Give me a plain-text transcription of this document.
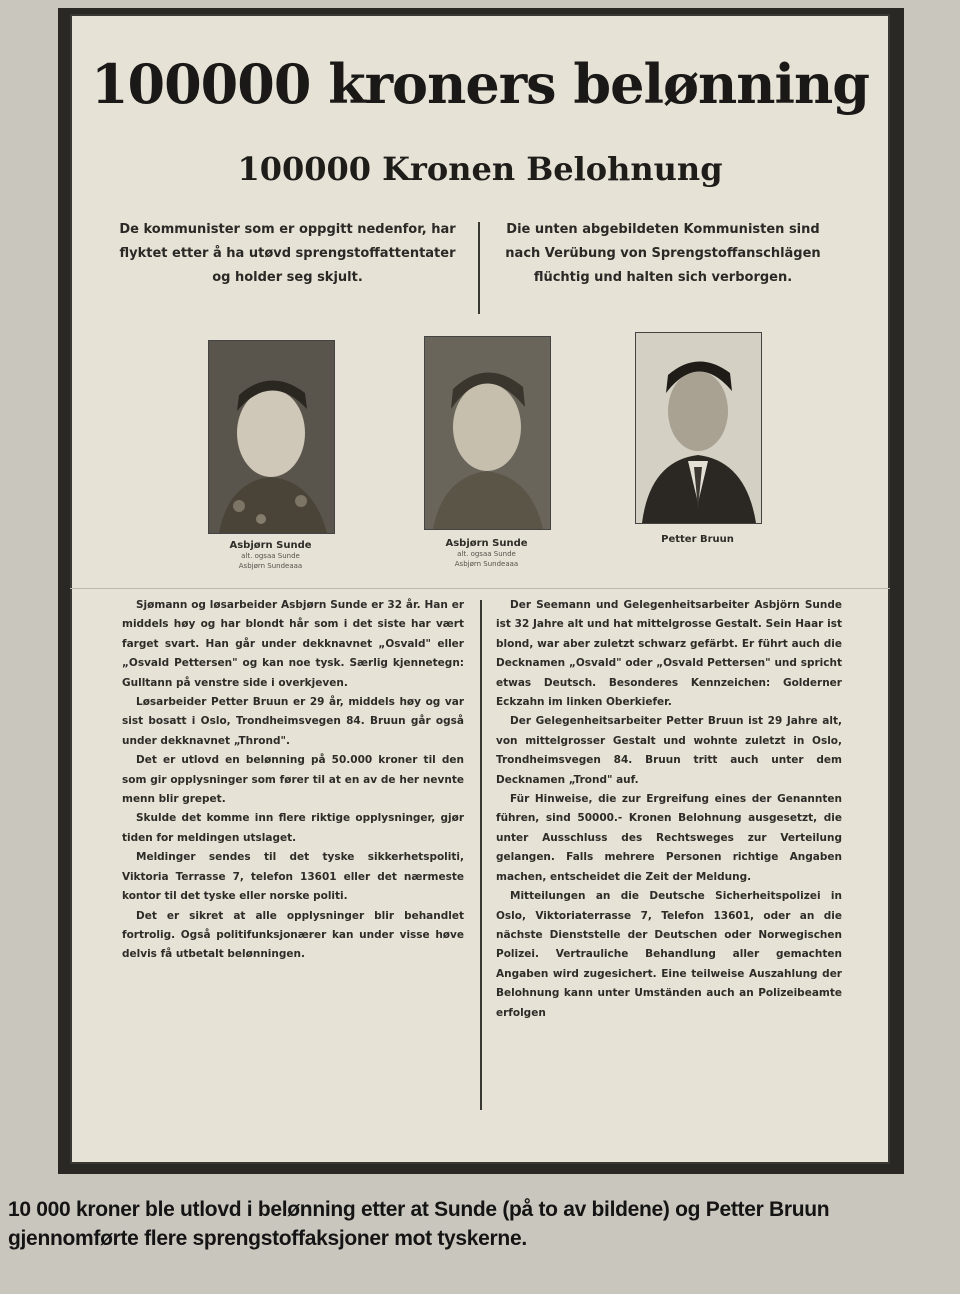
100000 kroners belønning
100000 Kronen Belohnung
De kommunister som er oppgitt nedenfor, har flyktet etter å ha utøvd sprengstoffattentater og holder seg skjult.
Die unten abgebildeten Kommunisten sind nach Verübung von Sprengstoffanschlägen flüchtig und halten sich verborgen.
Asbjørn Sunde
alt. ogsaa Sunde
Asbjørn Sundeaaa
Asbjørn Sunde
alt. ogsaa Sunde
Asbjørn Sundeaaa
Petter Bruun

Sjømann og løsarbeider Asbjørn Sunde er 32 år. Han er middels høy og har blondt hår som i det siste har vært farget svart. Han går under dekknavnet „Osvald" eller „Osvald Pettersen" og kan noe tysk. Særlig kjennetegn: Gulltann på venstre side i overkjeven.

Løsarbeider Petter Bruun er 29 år, middels høy og var sist bosatt i Oslo, Trondheimsvegen 84. Bruun går også under dekknavnet „Thrond".

Det er utlovd en belønning på 50.000 kroner til den som gir opplysninger som fører til at en av de her nevnte menn blir grepet.

Skulde det komme inn flere riktige opplysninger, gjør tiden for meldingen utslaget.

Meldinger sendes til det tyske sikkerhetspoliti, Viktoria Terrasse 7, telefon 13601 eller det nærmeste kontor til det tyske eller norske politi.

Det er sikret at alle opplysninger blir behandlet fortrolig. Også politifunksjonærer kan under visse høve delvis få utbetalt belønningen.

Der Seemann und Gelegenheitsarbeiter Asbjörn Sunde ist 32 Jahre alt und hat mittelgrosse Gestalt. Sein Haar ist blond, war aber zuletzt schwarz gefärbt. Er führt auch die Decknamen „Osvald" oder „Osvald Pettersen" und spricht etwas Deutsch. Besonderes Kennzeichen: Golderner Eckzahn im linken Oberkiefer.

Der Gelegenheitsarbeiter Petter Bruun ist 29 Jahre alt, von mittelgrosser Gestalt und wohnte zuletzt in Oslo, Trondheimsvegen 84. Bruun tritt auch unter dem Decknamen „Trond" auf.

Für Hinweise, die zur Ergreifung eines der Genannten führen, sind 50000.- Kronen Belohnung ausgesetzt, die unter Ausschluss des Rechtsweges zur Verteilung gelangen. Falls mehrere Personen richtige Angaben machen, entscheidet die Zeit der Meldung.

Mitteilungen an die Deutsche Sicherheitspolizei in Oslo, Viktoriaterrasse 7, Telefon 13601, oder an die nächste Dienststelle der Deutschen oder Norwegischen Polizei. Vertrauliche Behandlung aller gemachten Angaben wird zugesichert. Eine teilweise Auszahlung der Belohnung kann unter Umständen auch an Polizeibeamte erfolgen

10 000 kroner ble utlovd i belønning etter at Sunde (på to av bildene) og Petter Bruun gjennomførte flere sprengstoffaksjoner mot tyskerne.
